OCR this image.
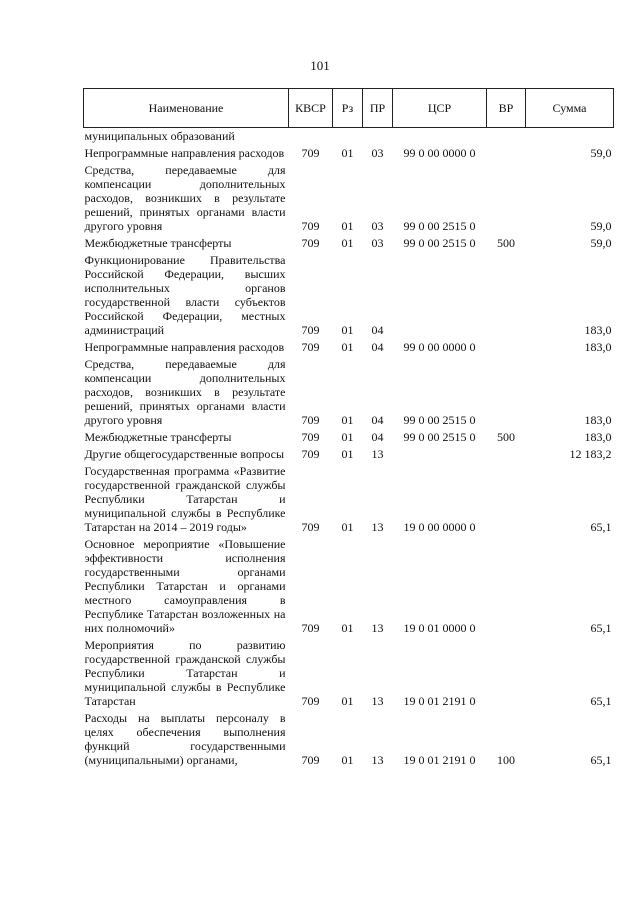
101
Наименование	КВСР	Рз	ПР	ЦСР	ВР	Сумма
муниципальных образований						
Непрограммные направления расходов	709	01	03	99 0 00 0000 0		59,0
Средства, передаваемые для компенсации дополнительных расходов, возникших в результате решений, принятых органами власти другого уровня	709	01	03	99 0 00 2515 0		59,0
Межбюджетные трансферты	709	01	03	99 0 00 2515 0	500	59,0
Функционирование Правительства Российской Федерации, высших исполнительных органов государственной власти субъектов Российской Федерации, местных администраций	709	01	04			183,0
Непрограммные направления расходов	709	01	04	99 0 00 0000 0		183,0
Средства, передаваемые для компенсации дополнительных расходов, возникших в результате решений, принятых органами власти другого уровня	709	01	04	99 0 00 2515 0		183,0
Межбюджетные трансферты	709	01	04	99 0 00 2515 0	500	183,0
Другие общегосударственные вопросы	709	01	13			12 183,2
Государственная программа «Развитие государственной гражданской службы Республики Татарстан и муниципальной службы в Республике Татарстан на 2014 – 2019 годы»	709	01	13	19 0 00 0000 0		65,1
Основное мероприятие «Повышение эффективности исполнения государственными органами Республики Татарстан и органами местного самоуправления в Республике Татарстан возложенных на них полномочий»	709	01	13	19 0 01 0000 0		65,1
Мероприятия по развитию государственной гражданской службы Республики Татарстан и муниципальной службы в Республике Татарстан	709	01	13	19 0 01 2191 0		65,1
Расходы на выплаты персоналу в целях обеспечения выполнения функций государственными (муниципальными) органами,	709	01	13	19 0 01 2191 0	100	65,1
